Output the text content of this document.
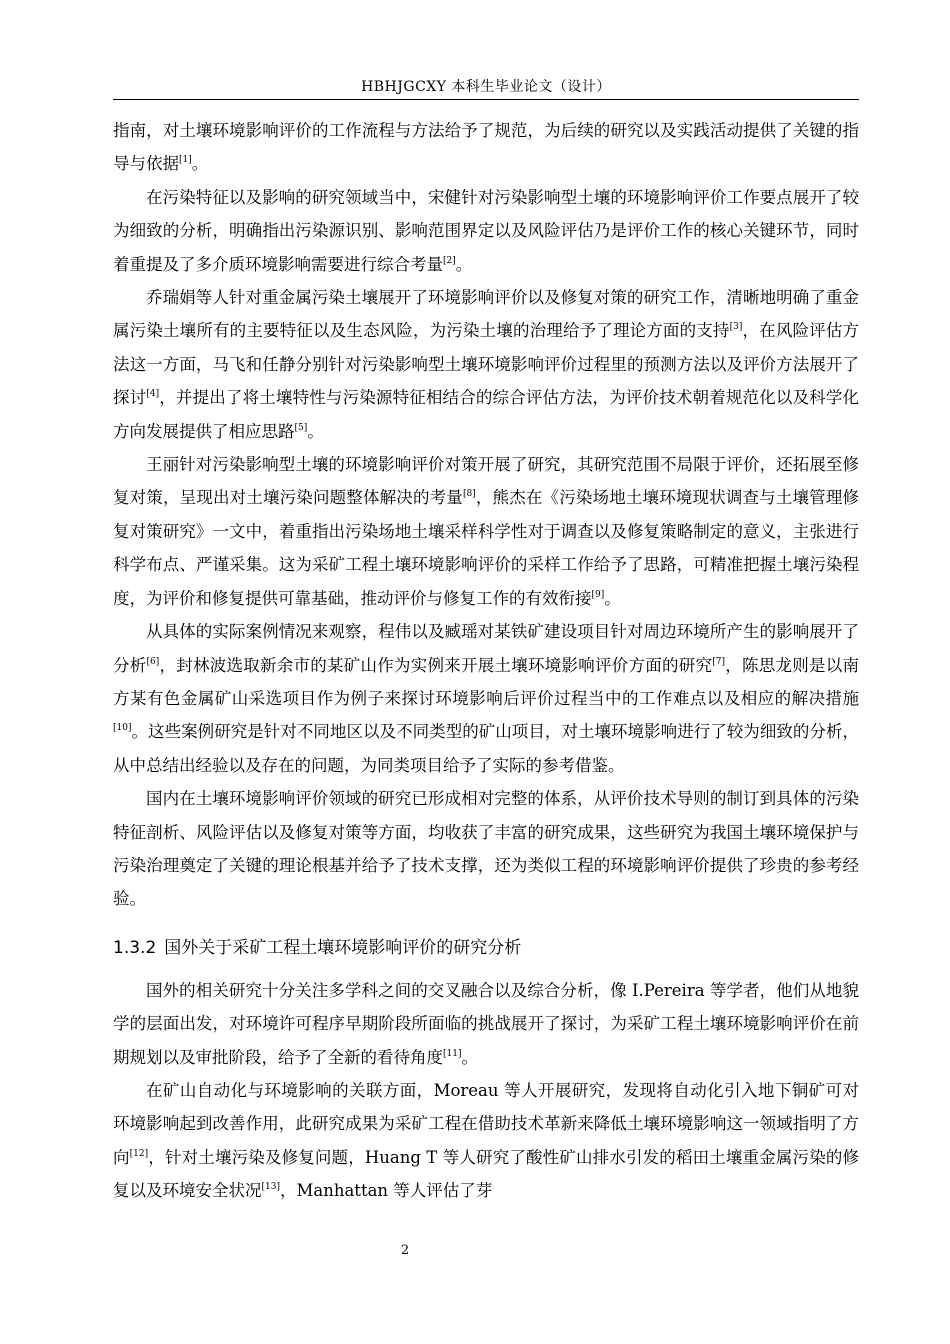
HBHJGCXY 本科生毕业论文（设计）

指南，对土壤环境影响评价的工作流程与方法给予了规范，为后续的研究以及实践活动提供了关键的指导与依据[1]。

在污染特征以及影响的研究领域当中，宋健针对污染影响型土壤的环境影响评价工作要点展开了较为细致的分析，明确指出污染源识别、影响范围界定以及风险评估乃是评价工作的核心关键环节，同时着重提及了多介质环境影响需要进行综合考量[2]。

乔瑞娟等人针对重金属污染土壤展开了环境影响评价以及修复对策的研究工作，清晰地明确了重金属污染土壤所有的主要特征以及生态风险，为污染土壤的治理给予了理论方面的支持[3]，在风险评估方法这一方面，马飞和任静分别针对污染影响型土壤环境影响评价过程里的预测方法以及评价方法展开了探讨[4]，并提出了将土壤特性与污染源特征相结合的综合评估方法，为评价技术朝着规范化以及科学化方向发展提供了相应思路[5]。

王丽针对污染影响型土壤的环境影响评价对策开展了研究，其研究范围不局限于评价，还拓展至修复对策，呈现出对土壤污染问题整体解决的考量[8]，熊杰在《污染场地土壤环境现状调查与土壤管理修复对策研究》一文中，着重指出污染场地土壤采样科学性对于调查以及修复策略制定的意义，主张进行科学布点、严谨采集。这为采矿工程土壤环境影响评价的采样工作给予了思路，可精准把握土壤污染程度，为评价和修复提供可靠基础，推动评价与修复工作的有效衔接[9]。

从具体的实际案例情况来观察，程伟以及臧瑶对某铁矿建设项目针对周边环境所产生的影响展开了分析[6]，封林波选取新余市的某矿山作为实例来开展土壤环境影响评价方面的研究[7]，陈思龙则是以南方某有色金属矿山采选项目作为例子来探讨环境影响后评价过程当中的工作难点以及相应的解决措施[10]。这些案例研究是针对不同地区以及不同类型的矿山项目，对土壤环境影响进行了较为细致的分析，从中总结出经验以及存在的问题，为同类项目给予了实际的参考借鉴。

国内在土壤环境影响评价领域的研究已形成相对完整的体系，从评价技术导则的制订到具体的污染特征剖析、风险评估以及修复对策等方面，均收获了丰富的研究成果，这些研究为我国土壤环境保护与污染治理奠定了关键的理论根基并给予了技术支撑，还为类似工程的环境影响评价提供了珍贵的参考经验。

1.3.2 国外关于采矿工程土壤环境影响评价的研究分析

国外的相关研究十分关注多学科之间的交叉融合以及综合分析，像 I.Pereira 等学者，他们从地貌学的层面出发，对环境许可程序早期阶段所面临的挑战展开了探讨，为采矿工程土壤环境影响评价在前期规划以及审批阶段，给予了全新的看待角度[11]。

在矿山自动化与环境影响的关联方面，Moreau 等人开展研究，发现将自动化引入地下铜矿可对环境影响起到改善作用，此研究成果为采矿工程在借助技术革新来降低土壤环境影响这一领域指明了方向[12]，针对土壤污染及修复问题，Huang T 等人研究了酸性矿山排水引发的稻田土壤重金属污染的修复以及环境安全状况[13]，Manhattan 等人评估了芽

2
